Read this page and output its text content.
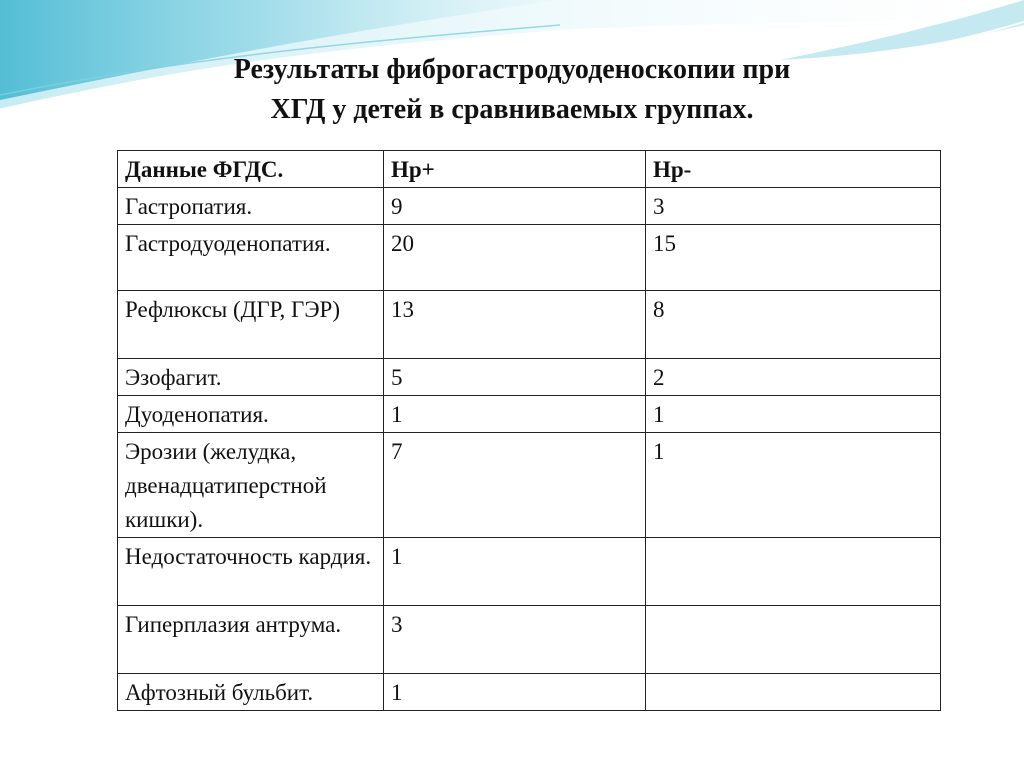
Результаты фиброгастродуоденоскопии при
ХГД у детей в сравниваемых группах.
Данные ФГДС.	Hp+	Hp-
Гастропатия.	9	3
Гастродуоденопатия.	20	15
Рефлюксы (ДГР, ГЭР)	13	8
Эзофагит.	5	2
Дуоденопатия.	1	1
Эрозии (желудка, двенадцатиперстной кишки).	7	1
Недостаточность кардия.	1	
Гиперплазия антрума.	3	
Афтозный бульбит.	1	
